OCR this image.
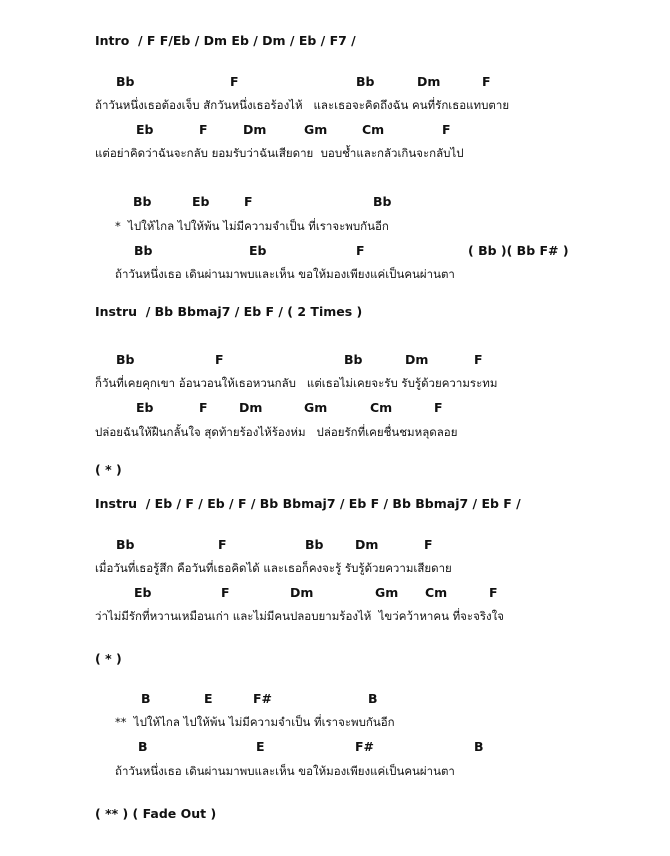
Intro  / F F/Eb / Dm Eb / Dm / Eb / F7 /
Bb	F	Bb	Dm	F
ถ้าวันหนึ่งเธอต้องเจ็บ สักวันหนึ่งเธอร้องไห้   และเธอจะคิดถึงฉัน คนที่รักเธอแทบตาย
Eb	F	Dm	Gm	Cm	F
แต่อย่าคิดว่าฉันจะกลับ ยอมรับว่าฉันเสียดาย  บอบช้ำและกลัวเกินจะกลับไป
Bb	Eb	F	Bb
*  ไปให้ไกล ไปให้พ้น ไม่มีความจำเป็น ที่เราจะพบกันอีก
Bb	Eb	F	( Bb )( Bb F# )
ถ้าวันหนึ่งเธอ เดินผ่านมาพบและเห็น ขอให้มองเพียงแค่เป็นคนผ่านตา
Instru  / Bb Bbmaj7 / Eb F / ( 2 Times )
Bb	F	Bb	Dm	F
ก็วันที่เคยคุกเขา อ้อนวอนให้เธอหวนกลับ   แต่เธอไม่เคยจะรับ รับรู้ด้วยความระทม
Eb	F	Dm	Gm	Cm	F
ปล่อยฉันให้ฝืนกลั้นใจ สุดท้ายร้องไห้ร้องห่ม   ปล่อยรักที่เคยชื่นชมหลุดลอย
( * )
Instru  / Eb / F / Eb / F / Bb Bbmaj7 / Eb F / Bb Bbmaj7 / Eb F /
Bb	F	Bb	Dm	F
เมื่อวันที่เธอรู้สึก คือวันที่เธอคิดได้ และเธอก็คงจะรู้ รับรู้ด้วยความเสียดาย
Eb	F	Dm	Gm Cm	F
ว่าไม่มีรักที่หวานเหมือนเก่า และไม่มีคนปลอบยามร้องไห้  ไขว่คว้าหาคน ที่จะจริงใจ
( * )
B	E	F#	B
**  ไปให้ไกล ไปให้พ้น ไม่มีความจำเป็น ที่เราจะพบกันอีก
B	E	F#	B
ถ้าวันหนึ่งเธอ เดินผ่านมาพบและเห็น ขอให้มองเพียงแค่เป็นคนผ่านตา
( ** ) ( Fade Out )
